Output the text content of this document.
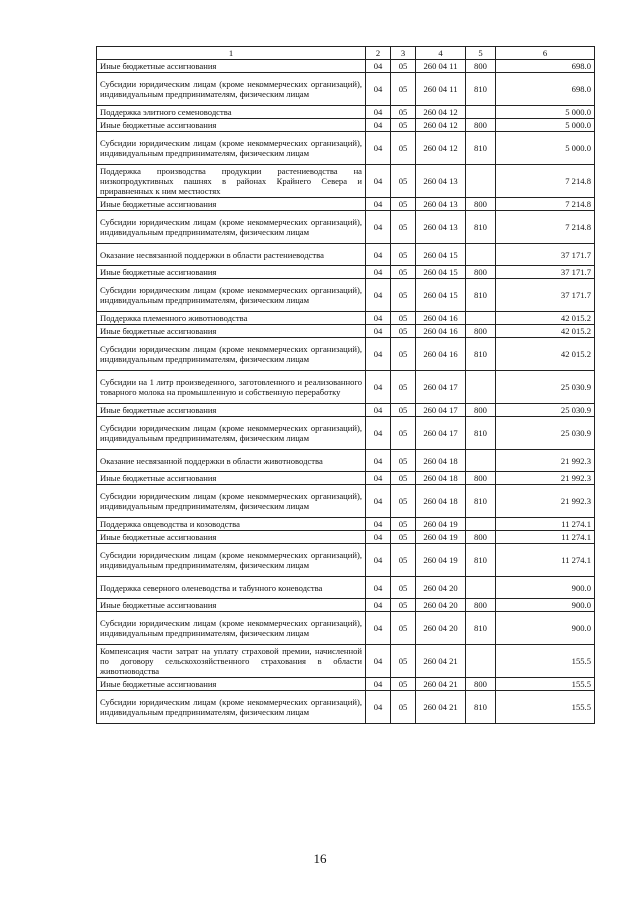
1	2	3	4	5	6
Иные бюджетные ассигнования	04	05	260 04 11	800	698.0
Субсидии юридическим лицам (кроме некоммерческих организаций), индивидуальным предпринимателям, физическим лицам	04	05	260 04 11	810	698.0
Поддержка элитного семеноводства	04	05	260 04 12		5 000.0
Иные бюджетные ассигнования	04	05	260 04 12	800	5 000.0
Субсидии юридическим лицам (кроме некоммерческих организаций), индивидуальным предпринимателям, физическим лицам	04	05	260 04 12	810	5 000.0
Поддержка производства продукции растениеводства на низкопродуктивных пашнях в районах Крайнего Севера и приравненных к ним местностях	04	05	260 04 13		7 214.8
Иные бюджетные ассигнования	04	05	260 04 13	800	7 214.8
Субсидии юридическим лицам (кроме некоммерческих организаций), индивидуальным предпринимателям, физическим лицам	04	05	260 04 13	810	7 214.8
Оказание несвязанной поддержки в области растениеводства	04	05	260 04 15		37 171.7
Иные бюджетные ассигнования	04	05	260 04 15	800	37 171.7
Субсидии юридическим лицам (кроме некоммерческих организаций), индивидуальным предпринимателям, физическим лицам	04	05	260 04 15	810	37 171.7
Поддержка племенного животноводства	04	05	260 04 16		42 015.2
Иные бюджетные ассигнования	04	05	260 04 16	800	42 015.2
Субсидии юридическим лицам (кроме некоммерческих организаций), индивидуальным предпринимателям, физическим лицам	04	05	260 04 16	810	42 015.2
Субсидии на 1 литр произведенного, заготовленного и реализованного товарного молока на промышленную и собственную переработку	04	05	260 04 17		25 030.9
Иные бюджетные ассигнования	04	05	260 04 17	800	25 030.9
Субсидии юридическим лицам (кроме некоммерческих организаций), индивидуальным предпринимателям, физическим лицам	04	05	260 04 17	810	25 030.9
Оказание несвязанной поддержки в области животноводства	04	05	260 04 18		21 992.3
Иные бюджетные ассигнования	04	05	260 04 18	800	21 992.3
Субсидии юридическим лицам (кроме некоммерческих организаций), индивидуальным предпринимателям, физическим лицам	04	05	260 04 18	810	21 992.3
Поддержка овцеводства и козоводства	04	05	260 04 19		11 274.1
Иные бюджетные ассигнования	04	05	260 04 19	800	11 274.1
Субсидии юридическим лицам (кроме некоммерческих организаций), индивидуальным предпринимателям, физическим лицам	04	05	260 04 19	810	11 274.1
Поддержка северного оленеводства и табунного коневодства	04	05	260 04 20		900.0
Иные бюджетные ассигнования	04	05	260 04 20	800	900.0
Субсидии юридическим лицам (кроме некоммерческих организаций), индивидуальным предпринимателям, физическим лицам	04	05	260 04 20	810	900.0
Компенсация части затрат на уплату страховой премии, начисленной по договору сельскохозяйственного страхования в области животноводства	04	05	260 04 21		155.5
Иные бюджетные ассигнования	04	05	260 04 21	800	155.5
Субсидии юридическим лицам (кроме некоммерческих организаций), индивидуальным предпринимателям, физическим лицам	04	05	260 04 21	810	155.5
16
